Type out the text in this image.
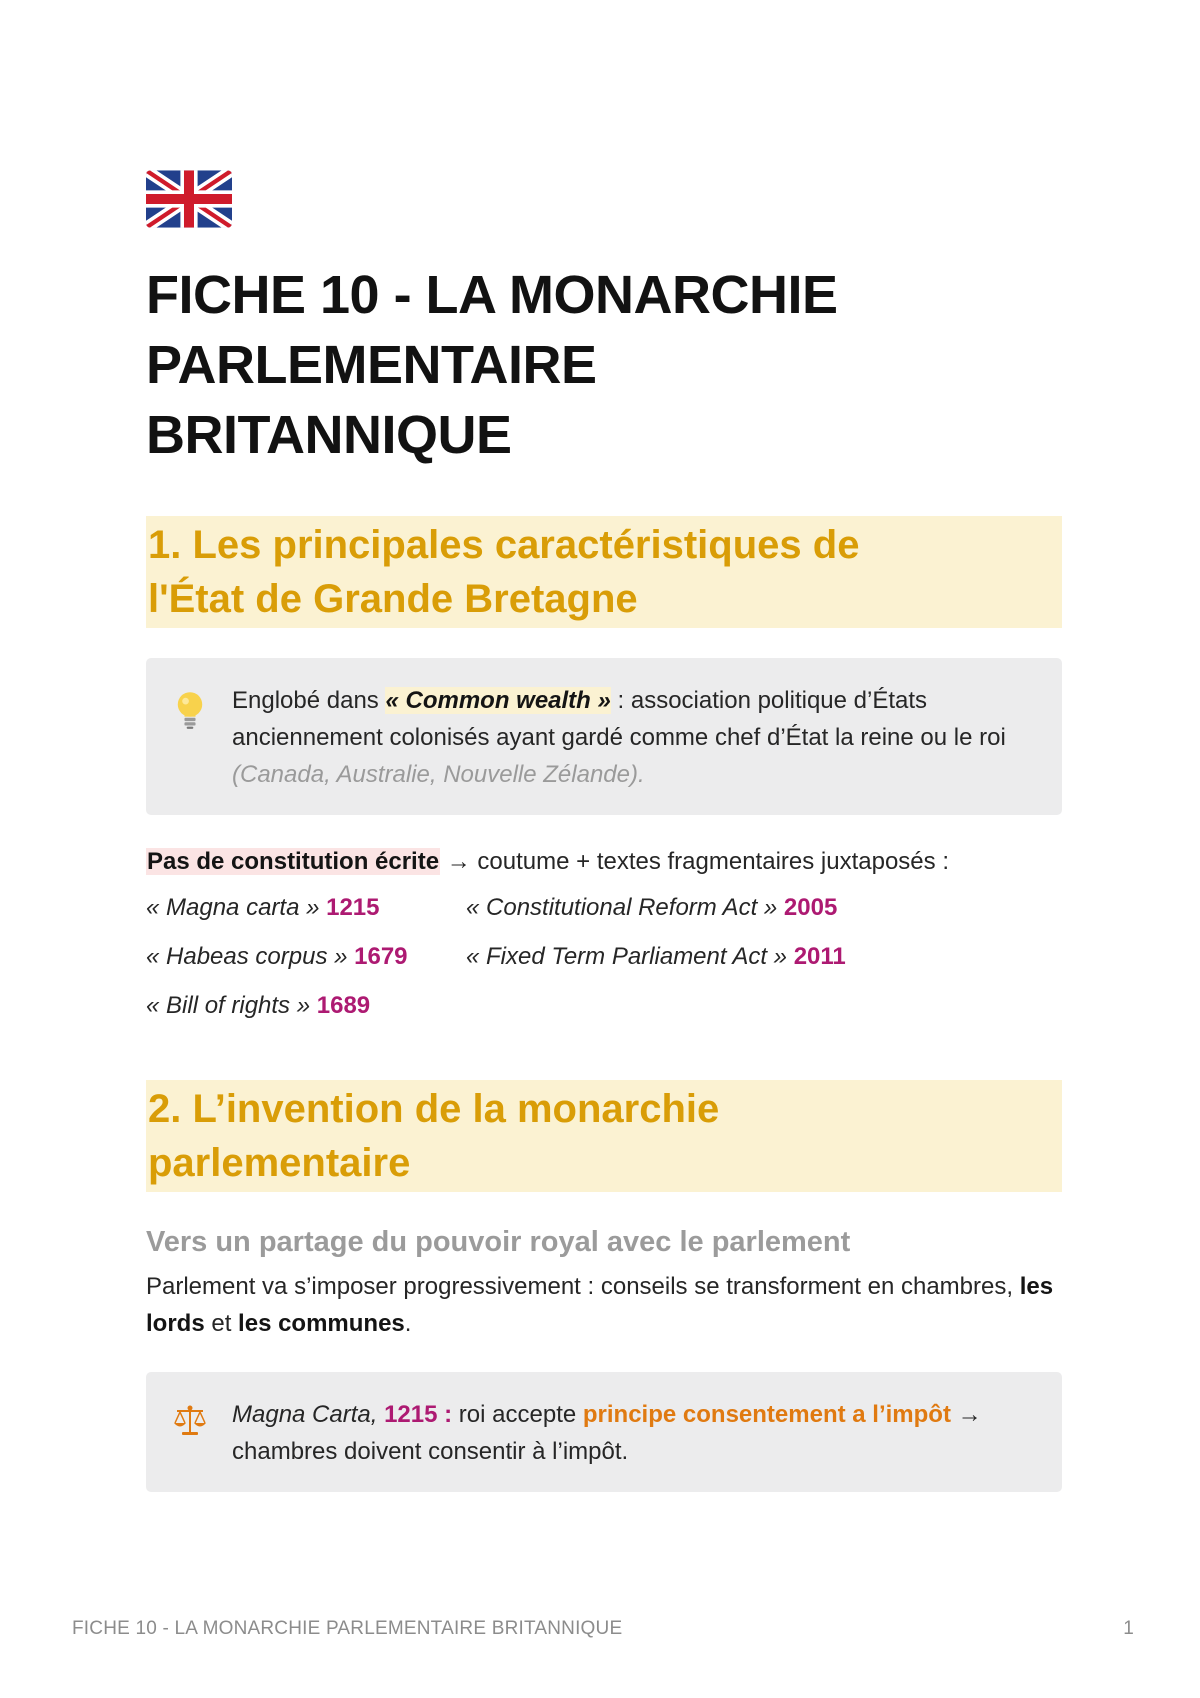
FICHE 10 - LA MONARCHIE
PARLEMENTAIRE
BRITANNIQUE
1. Les principales caractéristiques de
l'État de Grande Bretagne
Englobé dans « Common wealth » : association politique d’États anciennement colonisés ayant gardé comme chef d’État la reine ou le roi (Canada, Australie, Nouvelle Zélande).
Pas de constitution écrite → coutume + textes fragmentaires juxtaposés :
« Magna carta » 1215
« Habeas corpus » 1679
« Bill of rights » 1689
« Constitutional Reform Act » 2005
« Fixed Term Parliament Act » 2011
2. L’invention de la monarchie
parlementaire
Vers un partage du pouvoir royal avec le parlement
Parlement va s’imposer progressivement : conseils se transforment en chambres, les lords et les communes.
Magna Carta, 1215 : roi accepte principe consentement a l’impôt → chambres doivent consentir à l’impôt.
FICHE 10 - LA MONARCHIE PARLEMENTAIRE BRITANNIQUE	1
